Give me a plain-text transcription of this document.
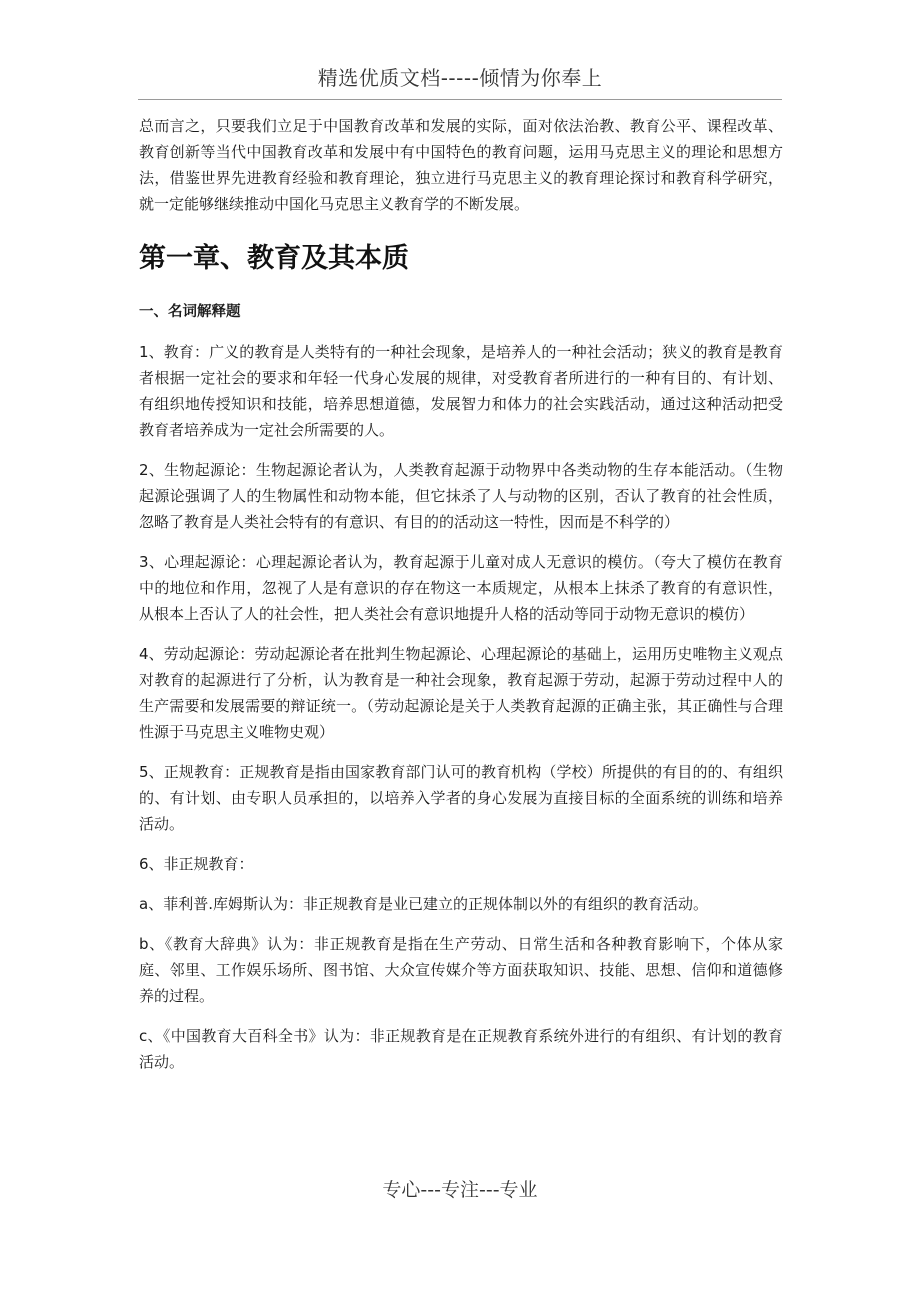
精选优质文档-----倾情为你奉上

总而言之，只要我们立足于中国教育改革和发展的实际，面对依法治教、教育公平、课程改革、教育创新等当代中国教育改革和发展中有中国特色的教育问题，运用马克思主义的理论和思想方法，借鉴世界先进教育经验和教育理论，独立进行马克思主义的教育理论探讨和教育科学研究，就一定能够继续推动中国化马克思主义教育学的不断发展。

第一章、教育及其本质
一、名词解释题

1、教育：广义的教育是人类特有的一种社会现象，是培养人的一种社会活动；狭义的教育是教育者根据一定社会的要求和年轻一代身心发展的规律，对受教育者所进行的一种有目的、有计划、有组织地传授知识和技能，培养思想道德，发展智力和体力的社会实践活动，通过这种活动把受教育者培养成为一定社会所需要的人。

2、生物起源论：生物起源论者认为，人类教育起源于动物界中各类动物的生存本能活动。（生物起源论强调了人的生物属性和动物本能，但它抹杀了人与动物的区别，否认了教育的社会性质，忽略了教育是人类社会特有的有意识、有目的的活动这一特性，因而是不科学的）

3、心理起源论：心理起源论者认为，教育起源于儿童对成人无意识的模仿。（夸大了模仿在教育中的地位和作用，忽视了人是有意识的存在物这一本质规定，从根本上抹杀了教育的有意识性，从根本上否认了人的社会性，把人类社会有意识地提升人格的活动等同于动物无意识的模仿）

4、劳动起源论：劳动起源论者在批判生物起源论、心理起源论的基础上，运用历史唯物主义观点对教育的起源进行了分析，认为教育是一种社会现象，教育起源于劳动，起源于劳动过程中人的生产需要和发展需要的辩证统一。（劳动起源论是关于人类教育起源的正确主张，其正确性与合理性源于马克思主义唯物史观）

5、正规教育：正规教育是指由国家教育部门认可的教育机构（学校）所提供的有目的的、有组织的、有计划、由专职人员承担的，以培养入学者的身心发展为直接目标的全面系统的训练和培养活动。

6、非正规教育：

a、菲利普.库姆斯认为：非正规教育是业已建立的正规体制以外的有组织的教育活动。

b、《教育大辞典》认为：非正规教育是指在生产劳动、日常生活和各种教育影响下，个体从家庭、邻里、工作娱乐场所、图书馆、大众宣传媒介等方面获取知识、技能、思想、信仰和道德修养的过程。

c、《中国教育大百科全书》认为：非正规教育是在正规教育系统外进行的有组织、有计划的教育活动。

专心---专注---专业
